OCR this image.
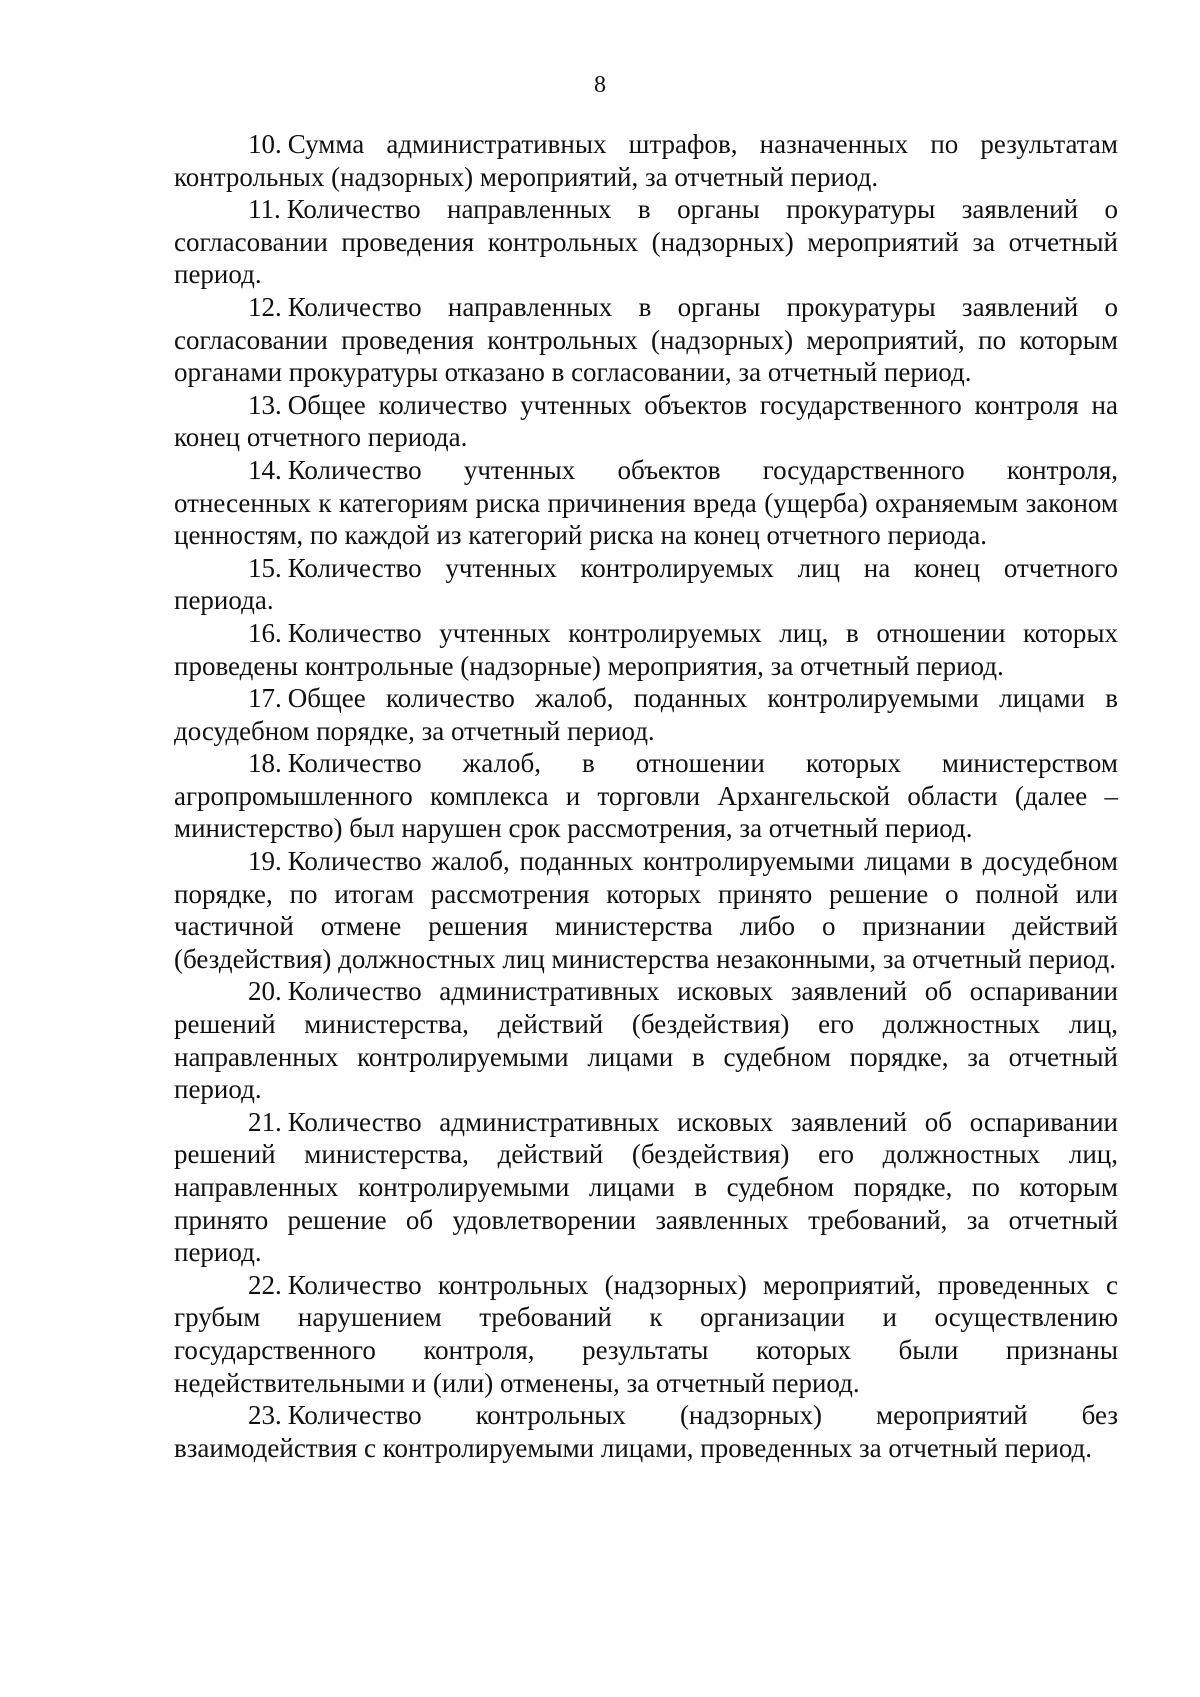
8

10. Сумма административных штрафов, назначенных по результатам контрольных (надзорных) мероприятий, за отчетный период.

11. Количество направленных в органы прокуратуры заявлений о согласовании проведения контрольных (надзорных) мероприятий за отчетный период.

12. Количество направленных в органы прокуратуры заявлений о согласовании проведения контрольных (надзорных) мероприятий, по которым органами прокуратуры отказано в согласовании, за отчетный период.

13. Общее количество учтенных объектов государственного контроля на конец отчетного периода.

14. Количество учтенных объектов государственного контроля, отнесенных к категориям риска причинения вреда (ущерба) охраняемым законом ценностям, по каждой из категорий риска на конец отчетного периода.

15. Количество учтенных контролируемых лиц на конец отчетного периода.

16. Количество учтенных контролируемых лиц, в отношении которых проведены контрольные (надзорные) мероприятия, за отчетный период.

17. Общее количество жалоб, поданных контролируемыми лицами в досудебном порядке, за отчетный период.

18. Количество жалоб, в отношении которых министерством агропромышленного комплекса и торговли Архангельской области (далее – министерство) был нарушен срок рассмотрения, за отчетный период.

19. Количество жалоб, поданных контролируемыми лицами в досудебном порядке, по итогам рассмотрения которых принято решение о полной или частичной отмене решения министерства либо о признании действий (бездействия) должностных лиц министерства незаконными, за отчетный период.

20. Количество административных исковых заявлений об оспаривании решений министерства, действий (бездействия) его должностных лиц, направленных контролируемыми лицами в судебном порядке, за отчетный период.

21. Количество административных исковых заявлений об оспаривании решений министерства, действий (бездействия) его должностных лиц, направленных контролируемыми лицами в судебном порядке, по которым принято решение об удовлетворении заявленных требований, за отчетный период.

22. Количество контрольных (надзорных) мероприятий, проведенных с грубым нарушением требований к организации и осуществлению государственного контроля, результаты которых были признаны недействительными и (или) отменены, за отчетный период.

23. Количество контрольных (надзорных) мероприятий без взаимодействия с контролируемыми лицами, проведенных за отчетный период.
